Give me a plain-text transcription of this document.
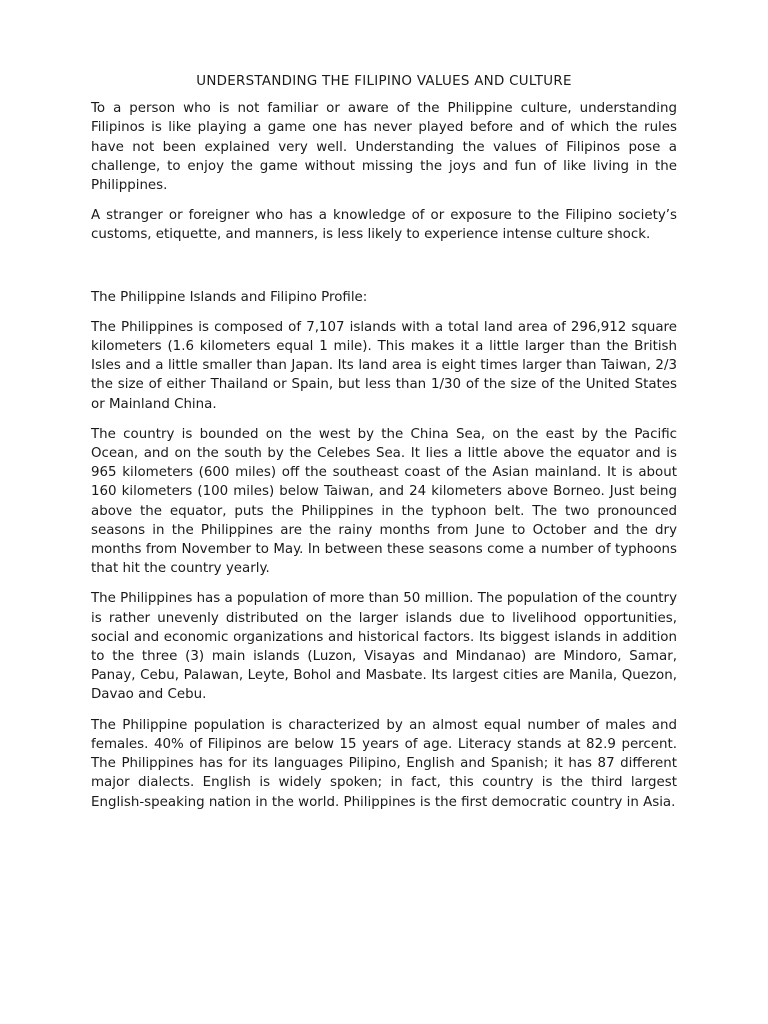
UNDERSTANDING THE FILIPINO VALUES AND CULTURE

To a person who is not familiar or aware of the Philippine culture, understanding Filipinos is like playing a game one has never played before and of which the rules have not been explained very well. Understanding the values of Filipinos pose a challenge, to enjoy the game without missing the joys and fun of like living in the Philippines.

A stranger or foreigner who has a knowledge of or exposure to the Filipino society’s customs, etiquette, and manners, is less likely to experience intense culture shock.

The Philippine Islands and Filipino Profile:

The Philippines is composed of 7,107 islands with a total land area of 296,912 square kilometers (1.6 kilometers equal 1 mile). This makes it a little larger than the British Isles and a little smaller than Japan. Its land area is eight times larger than Taiwan, 2/3 the size of either Thailand or Spain, but less than 1/30 of the size of the United States or Mainland China.

The country is bounded on the west by the China Sea, on the east by the Pacific Ocean, and on the south by the Celebes Sea. It lies a little above the equator and is 965 kilometers (600 miles) off the southeast coast of the Asian mainland. It is about 160 kilometers (100 miles) below Taiwan, and 24 kilometers above Borneo. Just being above the equator, puts the Philippines in the typhoon belt. The two pronounced seasons in the Philippines are the rainy months from June to October and the dry months from November to May. In between these seasons come a number of typhoons that hit the country yearly.

The Philippines has a population of more than 50 million. The population of the country is rather unevenly distributed on the larger islands due to livelihood opportunities, social and economic organizations and historical factors. Its biggest islands in addition to the three (3) main islands (Luzon, Visayas and Mindanao) are Mindoro, Samar, Panay, Cebu, Palawan, Leyte, Bohol and Masbate. Its largest cities are Manila, Quezon, Davao and Cebu.

The Philippine population is characterized by an almost equal number of males and females. 40% of Filipinos are below 15 years of age. Literacy stands at 82.9 percent. The Philippines has for its languages Pilipino, English and Spanish; it has 87 different major dialects. English is widely spoken; in fact, this country is the third largest English-speaking nation in the world. Philippines is the first democratic country in Asia.
